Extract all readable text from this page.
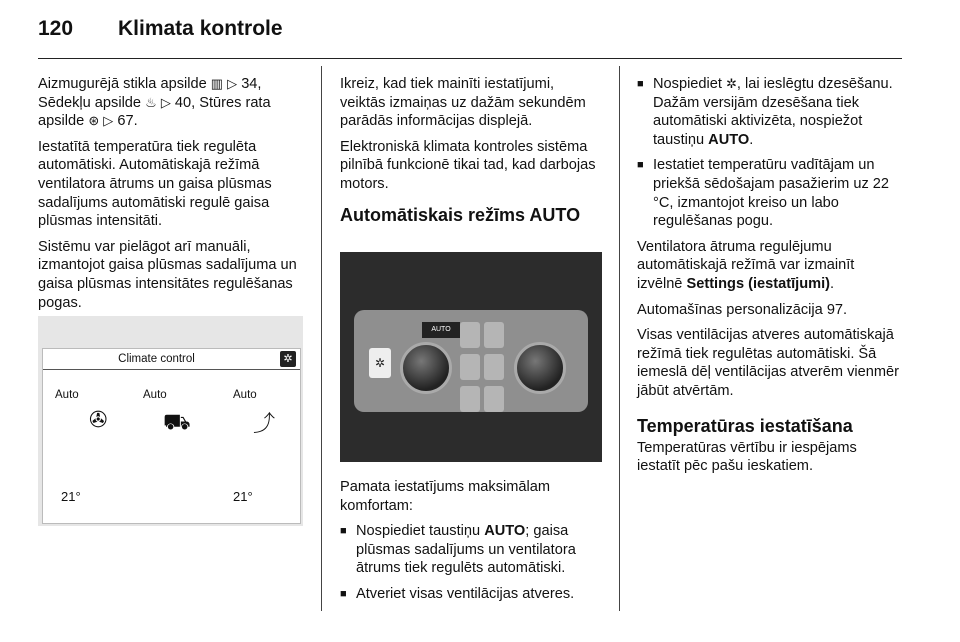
120	Klimata kontrole

Aizmugurējā stikla apsilde ▥ ▷ 34, Sēdekļu apsilde ♨ ▷ 40, Stūres rata apsilde ⊛ ▷ 67.

Iestatītā temperatūra tiek regulēta automātiski. Automātiskajā režīmā ventilatora ātrums un gaisa plūsmas sadalījums automātiski regulē gaisa plūsmas intensitāti.

Sistēmu var pielāgot arī manuāli, izmantojot gaisa plūsmas sadalījuma un gaisa plūsmas intensitātes regulēšanas pogas.

Climate control	✲
Auto	Auto	Auto
✇	⛟	⤴
21°	21°

Ikreiz, kad tiek mainīti iestatījumi, veiktās izmaiņas uz dažām sekundēm parādās informācijas displejā.

Elektroniskā klimata kontroles sistēma pilnībā funkcionē tikai tad, kad darbojas motors.

Automātiskais režīms AUTO
AUTO
✲

Pamata iestatījums maksimālam komfortam:

■ Nospiediet taustiņu AUTO; gaisa plūsmas sadalījums un ventilatora ātrums tiek regulēts automātiski.
■ Atveriet visas ventilācijas atveres.
■ Nospiediet ✲, lai ieslēgtu dzesēšanu. Dažām versijām dzesēšana tiek automātiski aktivizēta, nospiežot taustiņu AUTO.
■ Iestatiet temperatūru vadītājam un priekšā sēdošajam pasažierim uz 22 °C, izmantojot kreiso un labo regulēšanas pogu.

Ventilatora ātruma regulējumu automātiskajā režīmā var izmainīt izvēlnē Settings (iestatījumi).

Automašīnas personalizācija 97.

Visas ventilācijas atveres automātiskajā režīmā tiek regulētas automātiski. Šā iemeslā dēļ ventilācijas atverēm vienmēr jābūt atvērtām.

Temperatūras iestatīšana

Temperatūras vērtību ir iespējams iestatīt pēc pašu ieskatiem.
